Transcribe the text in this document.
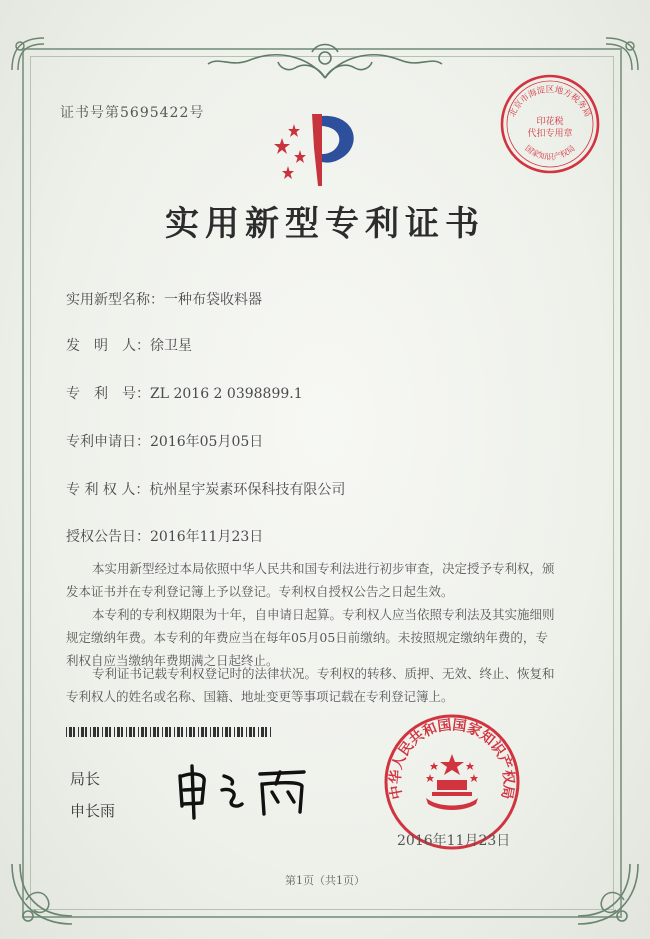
证书号第5695422号	北京市海淀区地方税务局
印花税
代扣专用章
国家知识产权局
实用新型专利证书
实用新型名称：一种布袋收料器
发　明　人：徐卫星
专　利　号：ZL 2016 2 0398899.1
专利申请日：2016年05月05日
专 利 权 人：杭州星宇炭素环保科技有限公司
授权公告日：2016年11月23日
本实用新型经过本局依照中华人民共和国专利法进行初步审查，决定授予专利权，颁
发本证书并在专利登记簿上予以登记。专利权自授权公告之日起生效。
本专利的专利权期限为十年，自申请日起算。专利权人应当依照专利法及其实施细则
规定缴纳年费。本专利的年费应当在每年05月05日前缴纳。未按照规定缴纳年费的，专
利权自应当缴纳年费期满之日起终止。
专利证书记载专利权登记时的法律状况。专利权的转移、质押、无效、终止、恢复和
专利权人的姓名或名称、国籍、地址变更等事项记载在专利登记簿上。
局长
申长雨
中华人民共和国国家知识产权局
2016年11月23日
第1页（共1页）
